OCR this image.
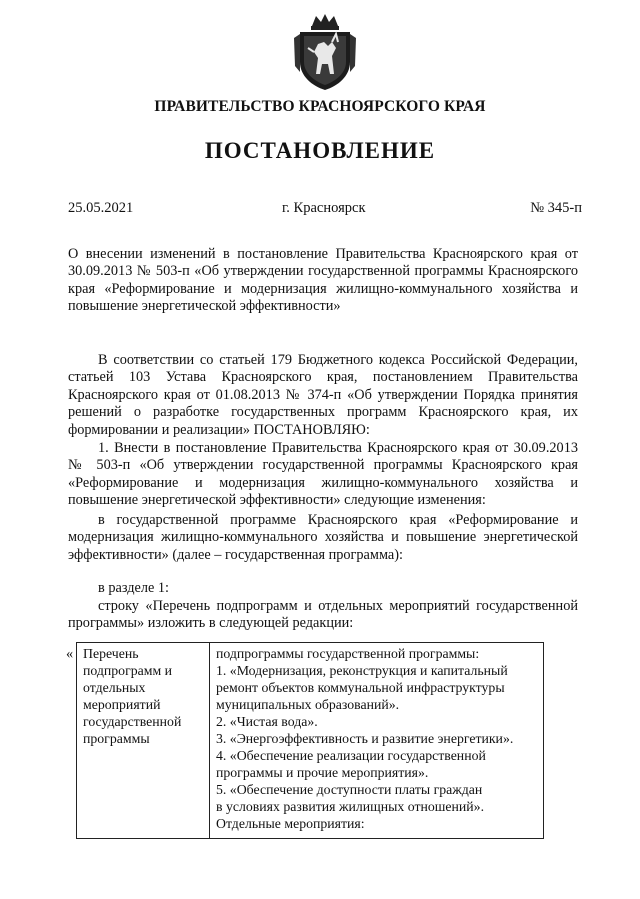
ПРАВИТЕЛЬСТВО КРАСНОЯРСКОГО КРАЯ
ПОСТАНОВЛЕНИЕ
25.05.2021	г. Красноярск	№ 345-п

О внесении изменений в постановление Правительства Красноярского края от 30.09.2013 № 503-п «Об утверждении государственной программы Красноярского края «Реформирование и модернизация жилищно-коммунального хозяйства и повышение энергетической эффективности»

В соответствии со статьей 179 Бюджетного кодекса Российской Федерации, статьей 103 Устава Красноярского края, постановлением Правительства Красноярского края от 01.08.2013 № 374-п «Об утверждении Порядка принятия решений о разработке государственных программ Красноярского края, их формировании и реализации» ПОСТАНОВЛЯЮ:

1. Внести в постановление Правительства Красноярского края от 30.09.2013 № 503-п «Об утверждении государственной программы Красноярского края «Реформирование и модернизация жилищно-коммунального хозяйства и повышение энергетической эффективности» следующие изменения:

в государственной программе Красноярского края «Реформирование и модернизация жилищно-коммунального хозяйства и повышение энергетической эффективности» (далее – государственная программа):

в разделе 1:

строку «Перечень подпрограмм и отдельных мероприятий государственной программы» изложить в следующей редакции:

« Перечень
подпрограмм и
отдельных
мероприятий
государственной
программы

подпрограммы государственной программы:
1. «Модернизация, реконструкция и капитальный
ремонт объектов коммунальной инфраструктуры
муниципальных образований».
2. «Чистая вода».
3. «Энергоэффективность и развитие энергетики».
4. «Обеспечение реализации государственной
программы и прочие мероприятия».
5. «Обеспечение доступности платы граждан
в условиях развития жилищных отношений».
Отдельные мероприятия:
